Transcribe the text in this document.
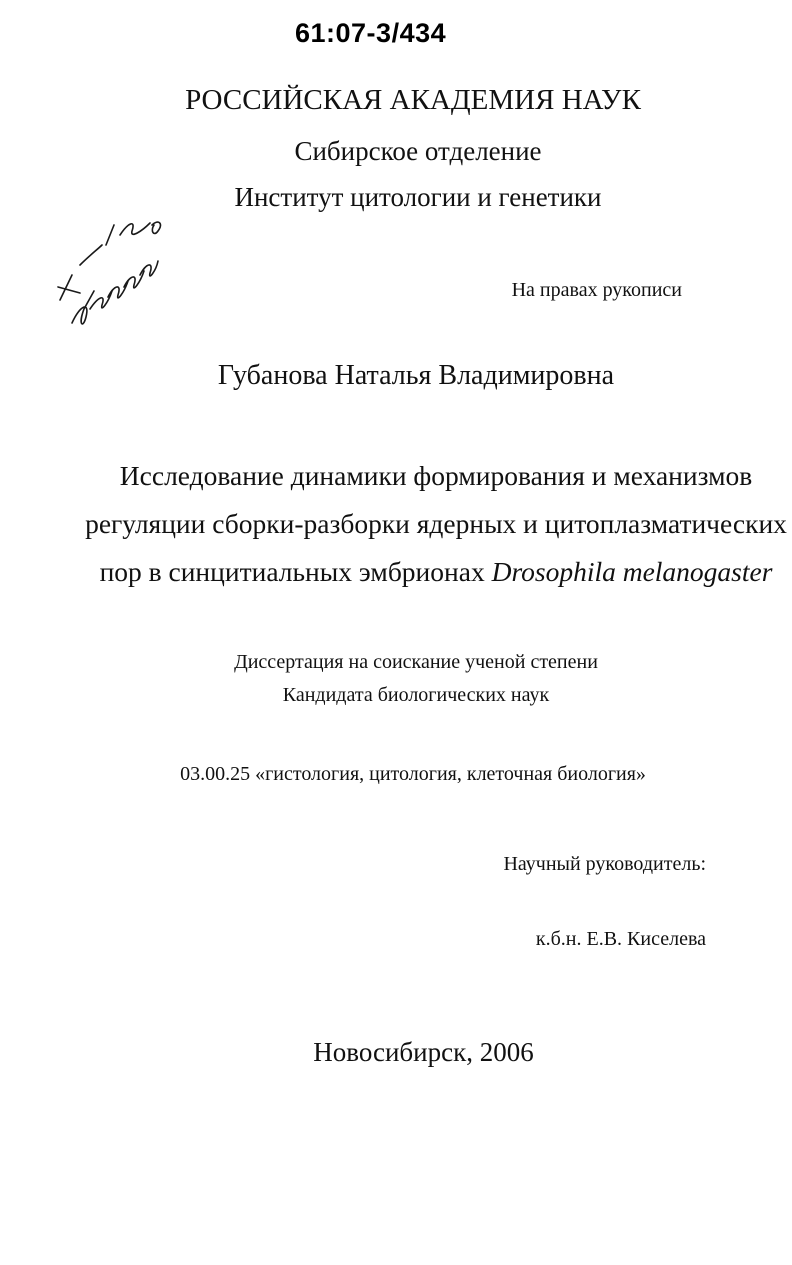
61:07-3/434
РОССИЙСКАЯ АКАДЕМИЯ НАУК
Сибирское отделение
Институт цитологии и генетики
На правах рукописи
Губанова Наталья Владимировна
Исследование динамики формирования и механизмов
регуляции сборки-разборки ядерных и цитоплазматических
пор в синцитиальных эмбрионах Drosophila melanogaster
Диссертация на соискание ученой степени
Кандидата биологических наук
03.00.25 «гистология, цитология, клеточная биология»
Научный руководитель:
к.б.н. Е.В. Киселева
Новосибирск, 2006
